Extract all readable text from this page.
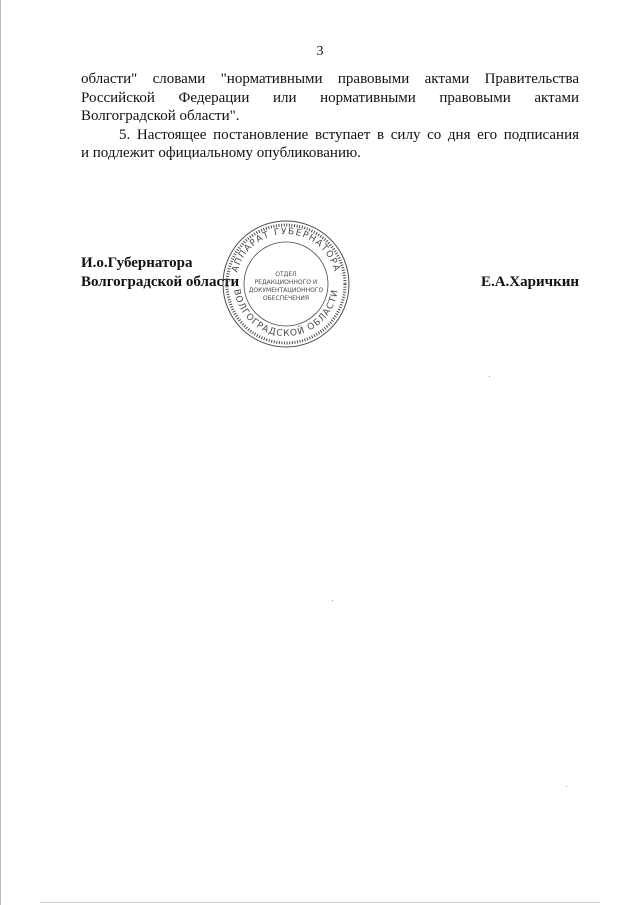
3

области" словами "нормативными правовыми актами Правительства

Российской Федерации или нормативными правовыми актами

Волгоградской области".

5. Настоящее постановление вступает в силу со дня его подписания

и подлежит официальному опубликованию.

И.о.Губернатора
Волгоградской области	Е.А.Харичкин
АППАРАТ ГУБЕРНАТОРА
ВОЛГОГРАДСКОЙ ОБЛАСТИ
ОТДЕЛ
РЕДАКЦИОННОГО И
ДОКУМЕНТАЦИОННОГО
ОБЕСПЕЧЕНИЯ
